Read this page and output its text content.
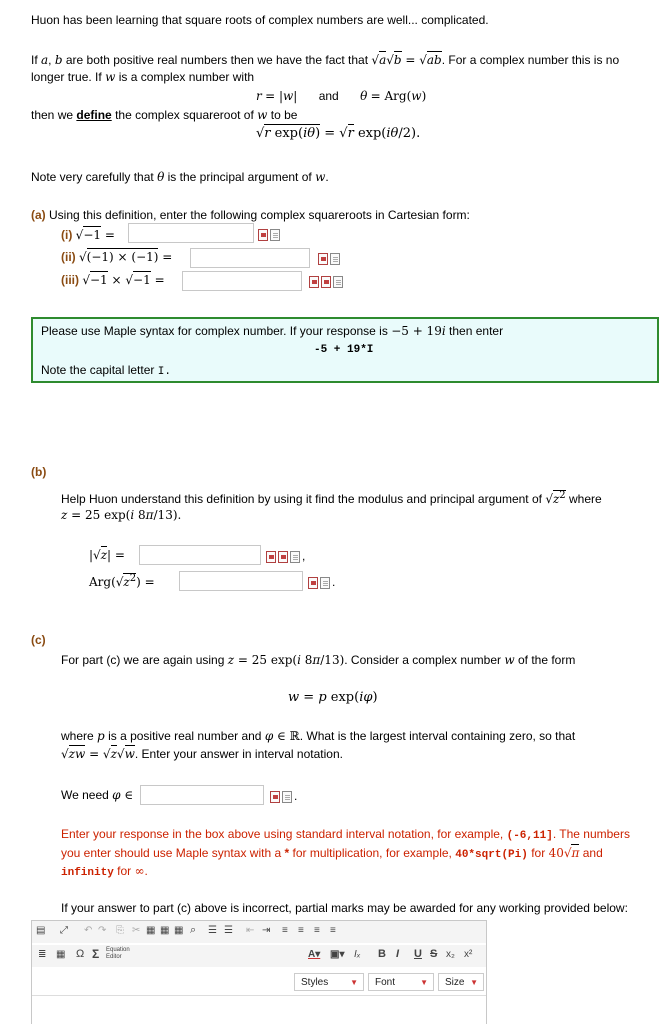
Huon has been learning that square roots of complex numbers are well... complicated.
If a, b are both positive real numbers then we have the fact that √a√b = √ab. For a complex number this is no
longer true. If w is a complex number with
r = |w| and θ = Arg(w)
then we define the complex squareroot of w to be
√r exp(iθ) = √r exp(iθ/2).
Note very carefully that θ is the principal argument of w.
(a) Using this definition, enter the following complex squareroots in Cartesian form:
(i) √−1 =
(ii) √(−1) × (−1) =
(iii) √−1 × √−1 =
Please use Maple syntax for complex number. If your response is −5 + 19i then enter
-5 + 19*I
Note the capital letter I.
(b)
Help Huon understand this definition by using it find the modulus and principal argument of $√z^2$ where
z = 25 exp(i 8π/13).
|√z| =	,
$Arg(√z^2)$ =	.
(c)
For part (c) we are again using z = 25 exp(i 8π/13). Consider a complex number w of the form
w = p exp(iφ)
where p is a positive real number and φ ∈ ℝ. What is the largest interval containing zero, so that
√zw = √z√w. Enter your answer in interval notation.
We need φ ∈	.
Enter your response in the box above using standard interval notation, for example, (-6,11]. The numbers
you enter should use Maple syntax with a * for multiplication, for example, 40*sqrt(Pi) for 40√π and
infinity for ∞.
If your answer to part (c) above is incorrect, partial marks may be awarded for any working provided below:
▤ ⤢ ↶ ↷ ⎘ ✂ ▦ ▦ ▦ ⌕ ☰ ☰ ⇤ ⇥ ≡ ≡ ≡ ≡
≣ ▦ Ω Σ Equation
Editor	A▾ ▣▾ Iₓ B I U S x₂ x²
Styles	▼	Font	▼	Size ▼
